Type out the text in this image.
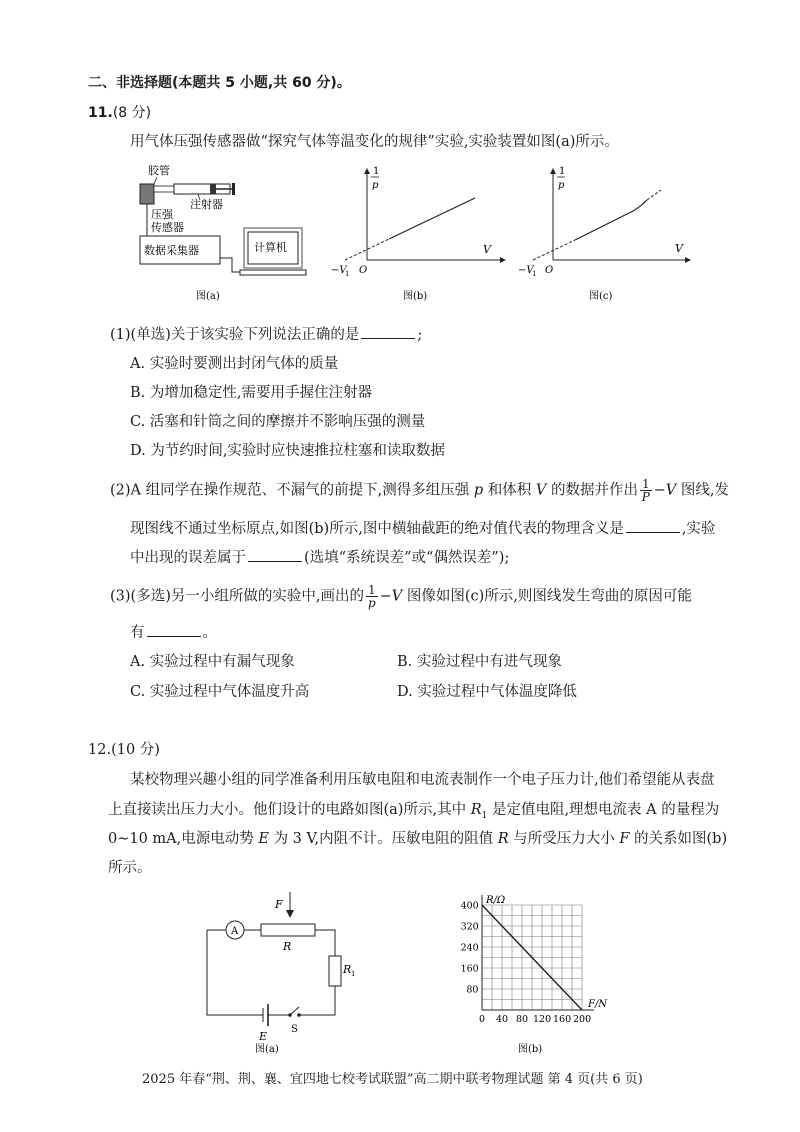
二、非选择题(本题共 5 小题,共 60 分)。
11.(8 分)
用气体压强传感器做“探究气体等温变化的规律”实验,实验装置如图(a)所示。
胶管
注射器
压强
传感器
数据采集器	计算机
图(a)
1
p
V
O
−V
1
图(b)
1
p
V
O
−V
1
图(c)
(1)(单选)关于该实验下列说法正确的是	;
A. 实验时要测出封闭气体的质量
B. 为增加稳定性,需要用手握住注射器
C. 活塞和针筒之间的摩擦并不影响压强的测量
D. 为节约时间,实验时应快速推拉柱塞和读取数据
(2)A 组同学在操作规范、不漏气的前提下,测得多组压强 p 和体积 V 的数据并作出 $\frac{1}{P} -V$ 图线,发
现图线不通过坐标原点,如图(b)所示,图中横轴截距的绝对值代表的物理含义是	,实验
中出现的误差属于	(选填“系统误差”或“偶然误差”);
(3)(多选)另一小组所做的实验中,画出的 $\frac{1}{p} -V$ 图像如图(c)所示,则图线发生弯曲的原因可能
有	。
A. 实验过程中有漏气现象	B. 实验过程中有进气现象
C. 实验过程中气体温度升高	D. 实验过程中气体温度降低
12.(10 分)
某校物理兴趣小组的同学准备利用压敏电阻和电流表制作一个电子压力计,他们希望能从表盘
上直接读出压力大小。他们设计的电路如图(a)所示,其中 $R_1$ 是定值电阻,理想电流表 A 的量程为
0∼10 mA,电源电动势 E 为 3 V,内阻不计。压敏电阻的阻值 R 与所受压力大小 F 的关系如图(b)
所示。
F
A
R
R 1
E
S
图(a)
0 40 80 120 160 200
80
160
240
320
400 R/Ω
F/N
图(b)
2025 年春“荆、荆、襄、宜四地七校考试联盟”高二期中联考物理试题 第 4 页(共 6 页)
